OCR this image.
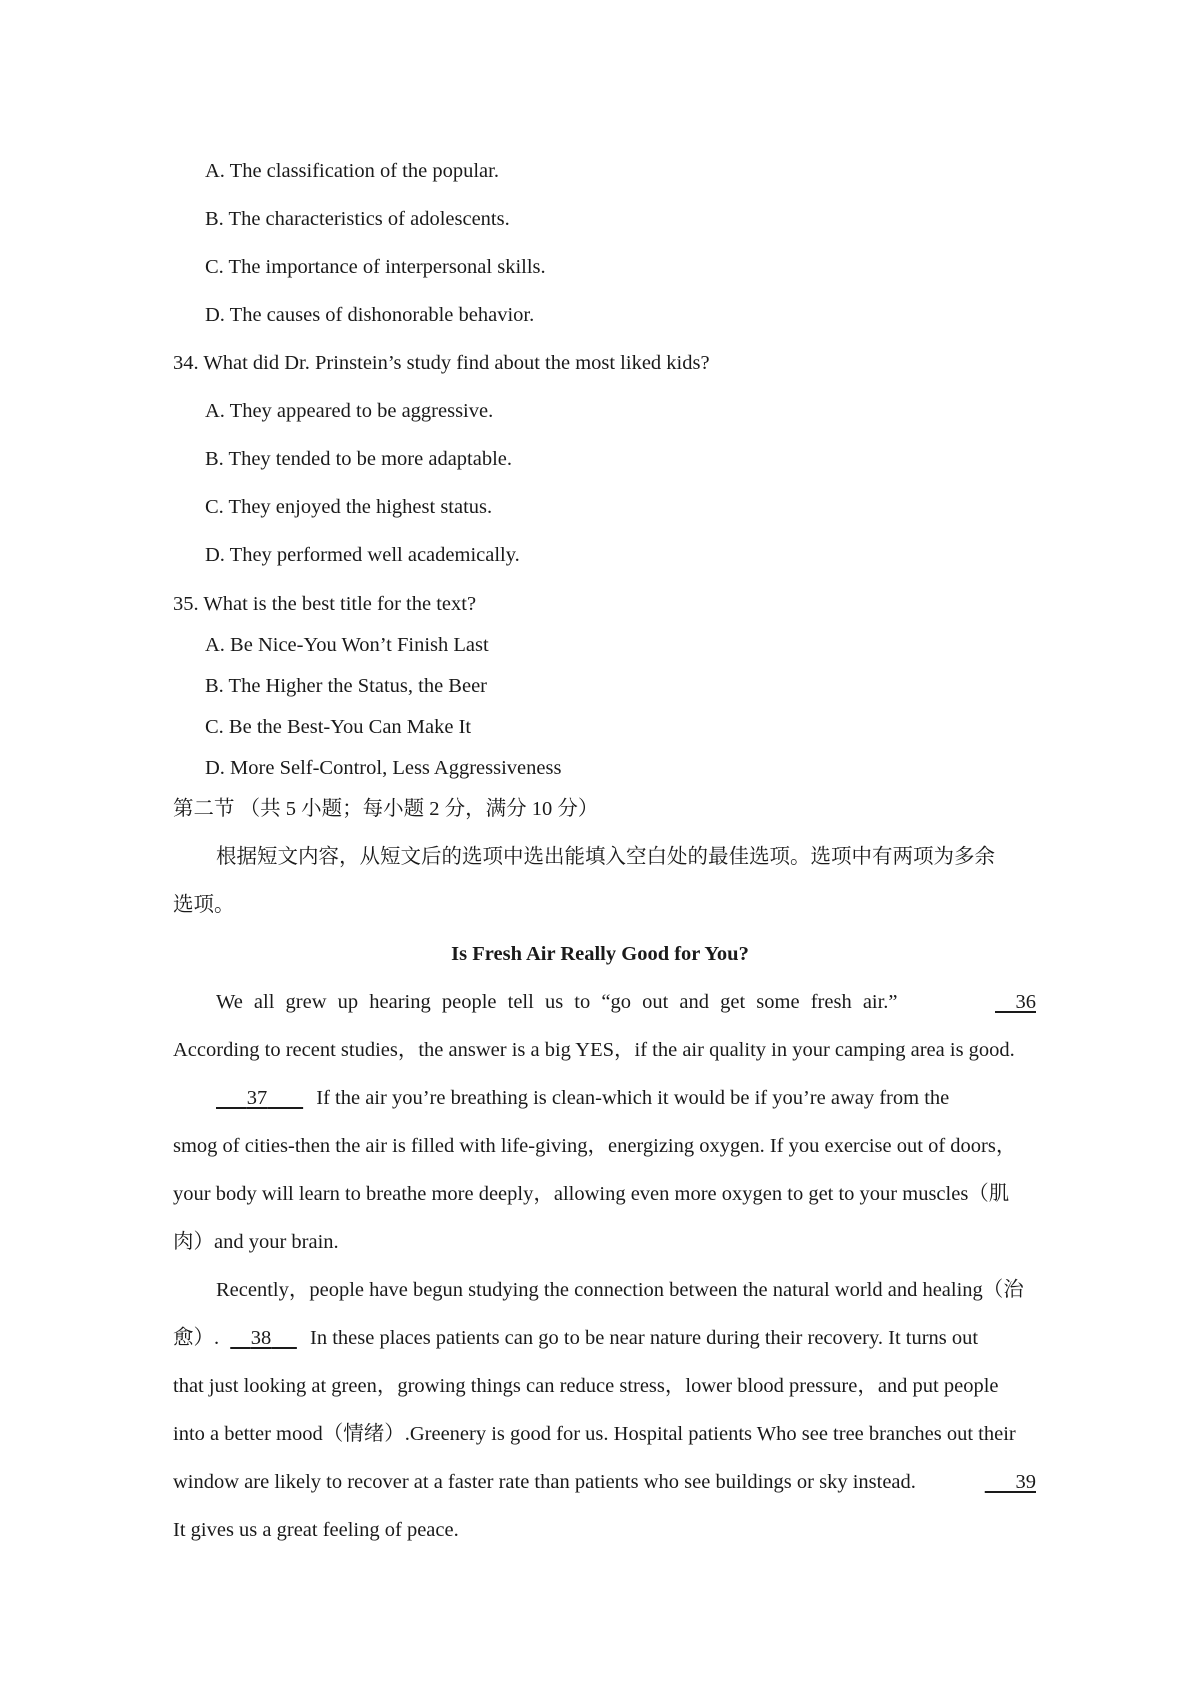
A. The classification of the popular.
B. The characteristics of adolescents.
C. The importance of interpersonal skills.
D. The causes of dishonorable behavior.
34. What did Dr. Prinstein’s study find about the most liked kids?
A. They appeared to be aggressive.
B. They tended to be more adaptable.
C. They enjoyed the highest status.
D. They performed well academically.
35. What is the best title for the text?
A. Be Nice-You Won’t Finish Last
B. The Higher the Status, the Beer
C. Be the Best-You Can Make It
D. More Self-Control, Less Aggressiveness
第二节 （共 5 小题；每小题 2 分，满分 10 分）
根据短文内容，从短文后的选项中选出能填入空白处的最佳选项。选项中有两项为多余
选项。
Is Fresh Air Really Good for You?
We all grew up hearing people tell us to “go out and get some fresh air.”	36
According to recent studies，the answer is a big YES，if the air quality in your camping area is good.
37 If the air you’re breathing is clean-which it would be if you’re away from the
smog of cities-then the air is filled with life-giving，energizing oxygen. If you exercise out of doors，
your body will learn to breathe more deeply，allowing even more oxygen to get to your muscles（肌
肉）and your brain.
Recently，people have begun studying the connection between the natural world and healing（治
愈）. 38 In these places patients can go to be near nature during their recovery. It turns out
that just looking at green，growing things can reduce stress，lower blood pressure，and put people
into a better mood（情绪）.Greenery is good for us. Hospital patients Who see tree branches out their
window are likely to recover at a faster rate than patients who see buildings or sky instead.	39
It gives us a great feeling of peace.
